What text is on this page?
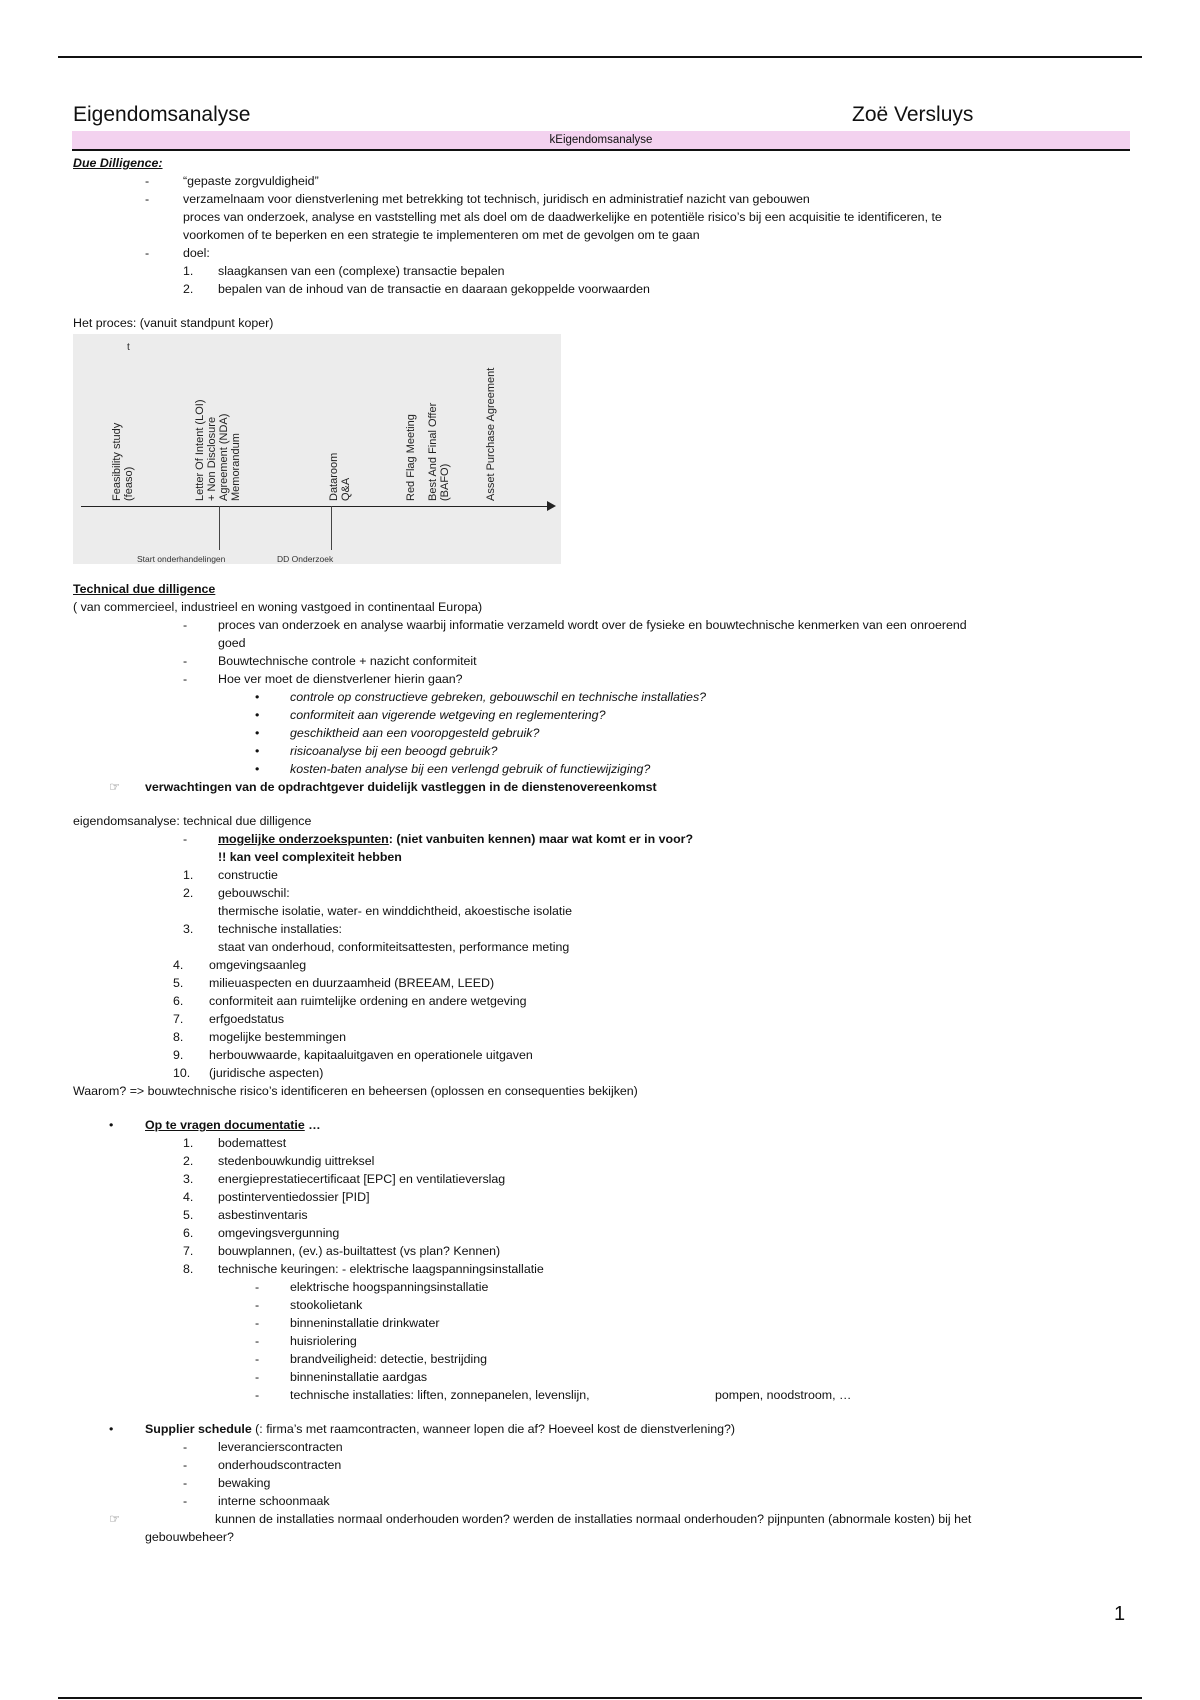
Eigendomsanalyse	Zoë Versluys
kEigendomsanalyse
Due Dilligence:
-	“gepaste zorgvuldigheid”
-	verzamelnaam voor dienstverlening met betrekking tot technisch, juridisch en administratief nazicht van gebouwen
proces van onderzoek, analyse en vaststelling met als doel om de daadwerkelijke en potentiële risico’s bij een acquisitie te identificeren, te
voorkomen of te beperken en een strategie te implementeren om met de gevolgen om te gaan
-	doel:
1. slaagkansen van een (complexe) transactie bepalen
2. bepalen van de inhoud van de transactie en daaraan gekoppelde voorwaarden
Het proces: (vanuit standpunt koper)
t
Feasibility study
(feaso)	Letter Of Intent (LOI)
+ Non Disclosure
Agreement (NDA)
Memorandum	Dataroom
Q&A	Red Flag Meeting Best And Final Offer
(BAFO)	Asset Purchase Agreement
Start onderhandelingen	DD Onderzoek
Technical due dilligence
( van commercieel, industrieel en woning vastgoed in continentaal Europa)
- proces van onderzoek en analyse waarbij informatie verzameld wordt over de fysieke en bouwtechnische kenmerken van een onroerend
goed
- Bouwtechnische controle + nazicht conformiteit
- Hoe ver moet de dienstverlener hierin gaan?
• controle op constructieve gebreken, gebouwschil en technische installaties?
• conformiteit aan vigerende wetgeving en reglementering?
• geschiktheid aan een vooropgesteld gebruik?
• risicoanalyse bij een beoogd gebruik?
• kosten-baten analyse bij een verlengd gebruik of functiewijziging?
☞ verwachtingen van de opdrachtgever duidelijk vastleggen in de dienstenovereenkomst
eigendomsanalyse: technical due dilligence
- mogelijke onderzoekspunten: (niet vanbuiten kennen) maar wat komt er in voor?
!! kan veel complexiteit hebben
1. constructie
2. gebouwschil:
thermische isolatie, water- en winddichtheid, akoestische isolatie
3. technische installaties:
staat van onderhoud, conformiteitsattesten, performance meting
4. omgevingsaanleg
5. milieuaspecten en duurzaamheid (BREEAM, LEED)
6. conformiteit aan ruimtelijke ordening en andere wetgeving
7. erfgoedstatus
8. mogelijke bestemmingen
9. herbouwwaarde, kapitaaluitgaven en operationele uitgaven
10. (juridische aspecten)
Waarom? => bouwtechnische risico’s identificeren en beheersen (oplossen en consequenties bekijken)
•	Op te vragen documentatie …
1. bodemattest
2. stedenbouwkundig uittreksel
3. energieprestatiecertificaat [EPC] en ventilatieverslag
4. postinterventiedossier [PID]
5. asbestinventaris
6. omgevingsvergunning
7. bouwplannen, (ev.) as-builtattest (vs plan? Kennen)
8. technische keuringen: - elektrische laagspanningsinstallatie
- elektrische hoogspanningsinstallatie
- stookolietank
- binneninstallatie drinkwater
- huisriolering
- brandveiligheid: detectie, bestrijding
- binneninstallatie aardgas
- technische installaties: liften, zonnepanelen, levenslijn,	pompen, noodstroom, …
•	Supplier schedule (: firma’s met raamcontracten, wanneer lopen die af? Hoeveel kost de dienstverlening?)
- leverancierscontracten
- onderhoudscontracten
- bewaking
- interne schoonmaak
☞	kunnen de installaties normaal onderhouden worden? werden de installaties normaal onderhouden? pijnpunten (abnormale kosten) bij het
gebouwbeheer?
1
